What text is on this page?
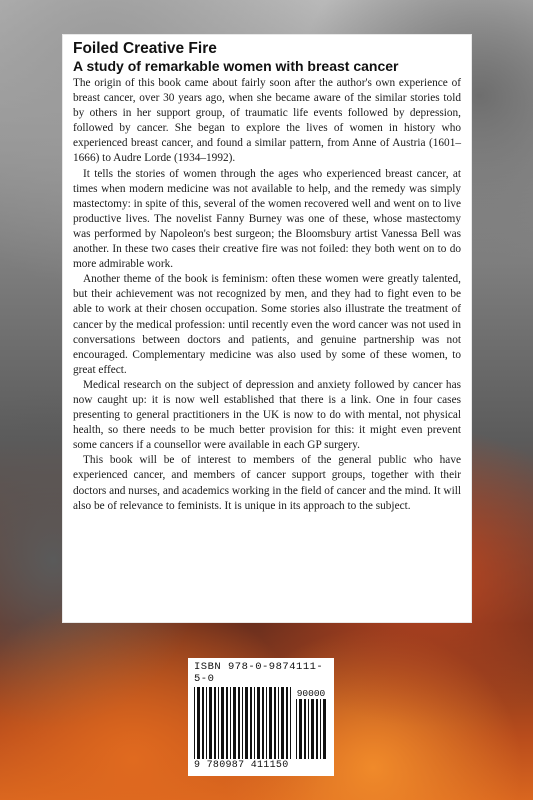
Foiled Creative Fire
A study of remarkable women with breast cancer

The origin of this book came about fairly soon after the author's own experience of breast cancer, over 30 years ago, when she became aware of the similar stories told by others in her support group, of traumatic life events followed by depression, followed by cancer. She began to explore the lives of women in history who experienced breast cancer, and found a similar pattern, from Anne of Austria (1601–1666) to Audre Lorde (1934–1992).

It tells the stories of women through the ages who experienced breast cancer, at times when modern medicine was not available to help, and the remedy was simply mastectomy: in spite of this, several of the women recovered well and went on to live productive lives. The novelist Fanny Burney was one of these, whose mastectomy was performed by Napoleon's best surgeon; the Bloomsbury artist Vanessa Bell was another. In these two cases their creative fire was not foiled: they both went on to do more admirable work.

Another theme of the book is feminism: often these women were greatly talented, but their achievement was not recognized by men, and they had to fight even to be able to work at their chosen occupation. Some stories also illustrate the treatment of cancer by the medical profession: until recently even the word cancer was not used in conversations between doctors and patients, and genuine partnership was not encouraged. Complementary medicine was also used by some of these women, to great effect.

Medical research on the subject of depression and anxiety followed by cancer has now caught up: it is now well established that there is a link. One in four cases presenting to general practitioners in the UK is now to do with mental, not physical health, so there needs to be much better provision for this: it might even prevent some cancers if a counsellor were available in each GP surgery.

This book will be of interest to members of the general public who have experienced cancer, and members of cancer support groups, together with their doctors and nurses, and academics working in the field of cancer and the mind. It will also be of relevance to feminists. It is unique in its approach to the subject.

ISBN 978-0-9874111-5-0
90000
9 780987 411150
